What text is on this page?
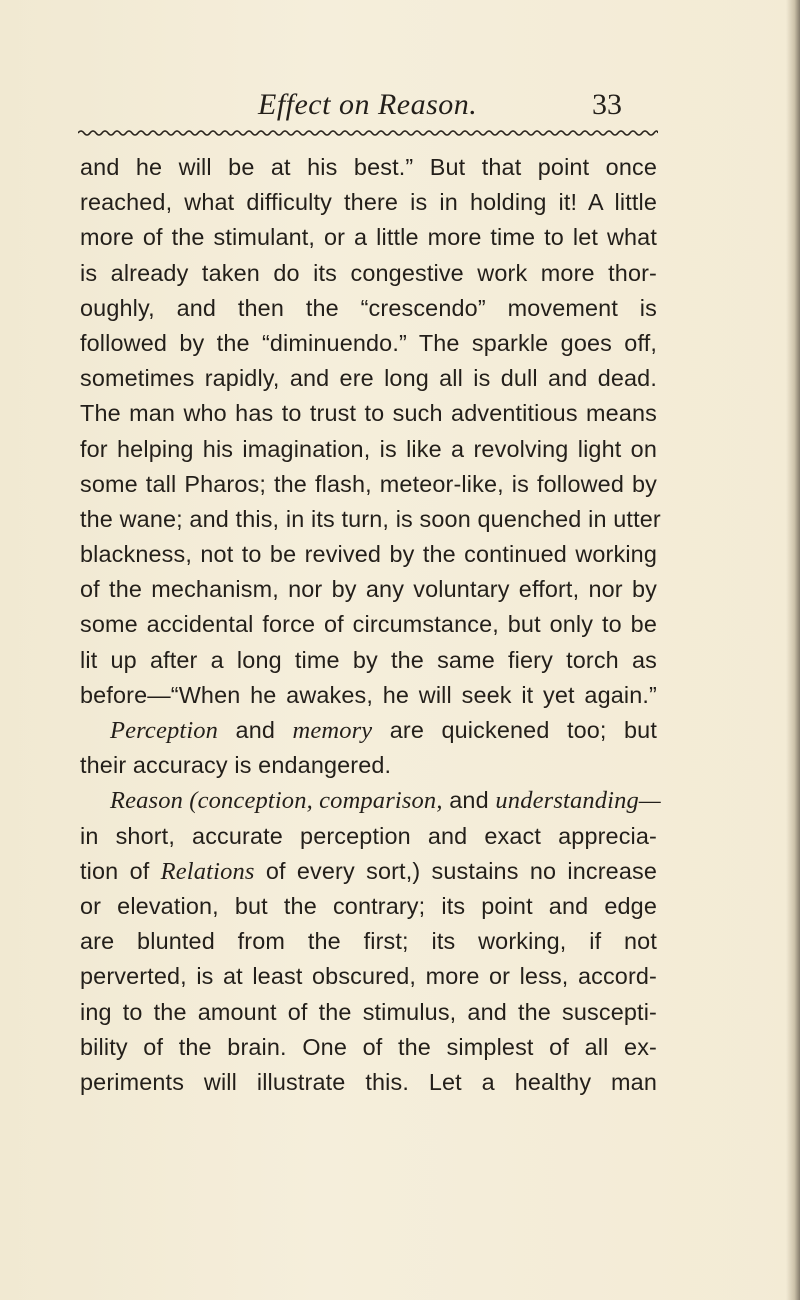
Effect on Reason.	33
and he will be at his best.” But that point once
reached, what difficulty there is in holding it! A little
more of the stimulant, or a little more time to let what
is already taken do its congestive work more thor-
oughly, and then the “crescendo” movement is
followed by the “diminuendo.” The sparkle goes off,
sometimes rapidly, and ere long all is dull and dead.
The man who has to trust to such adventitious means
for helping his imagination, is like a revolving light on
some tall Pharos; the flash, meteor-like, is followed by
the wane; and this, in its turn, is soon quenched in utter
blackness, not to be revived by the continued working
of the mechanism, nor by any voluntary effort, nor by
some accidental force of circumstance, but only to be
lit up after a long time by the same fiery torch as
before—“When he awakes, he will seek it yet again.”
Perception and memory are quickened too; but
their accuracy is endangered.
Reason (conception, comparison, and understanding—
in short, accurate perception and exact apprecia-
tion of Relations of every sort,) sustains no increase
or elevation, but the contrary; its point and edge
are blunted from the first; its working, if not
perverted, is at least obscured, more or less, accord-
ing to the amount of the stimulus, and the suscepti-
bility of the brain. One of the simplest of all ex-
periments will illustrate this. Let a healthy man
